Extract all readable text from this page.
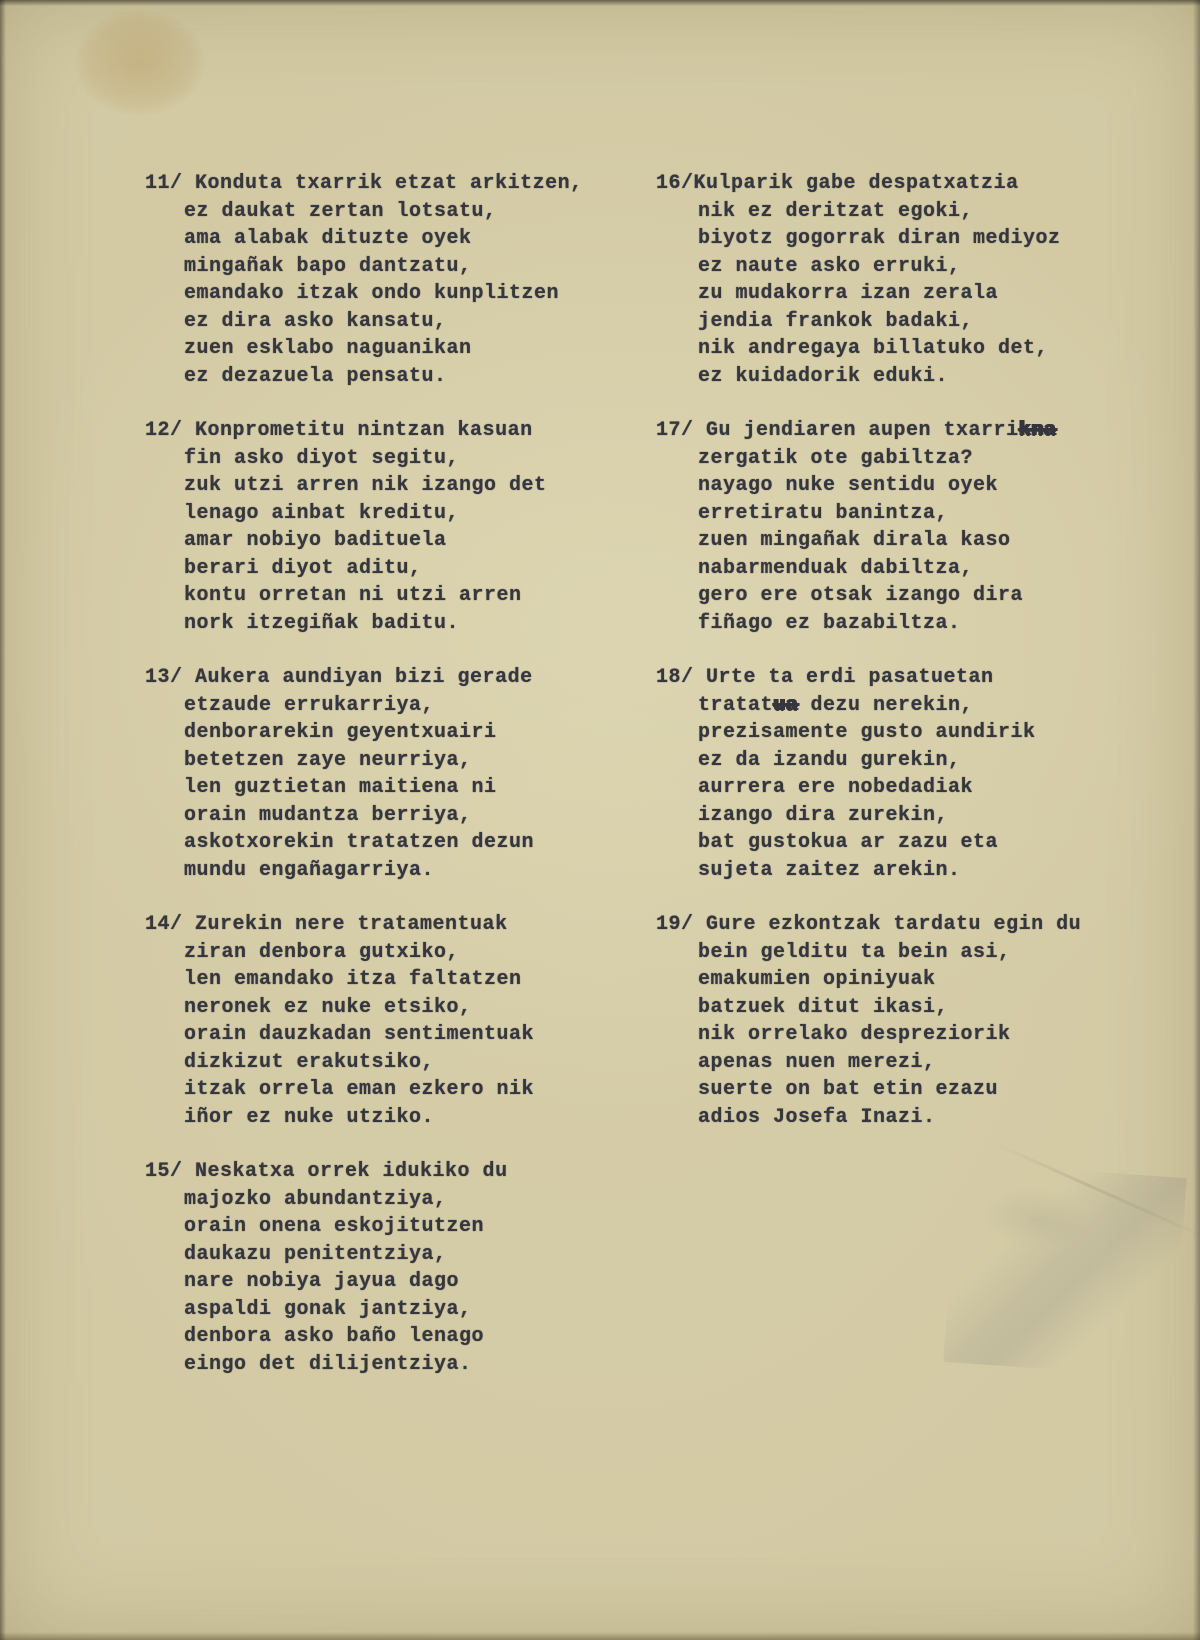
11/ Konduta txarrik etzat arkitzen,
ez daukat zertan lotsatu,
ama alabak dituzte oyek
mingañak bapo dantzatu,
emandako itzak ondo kunplitzen
ez dira asko kansatu,
zuen esklabo naguanikan
ez dezazuela pensatu.
12/ Konprometitu nintzan kasuan
fin asko diyot segitu,
zuk utzi arren nik izango det
lenago ainbat kreditu,
amar nobiyo badituela
berari diyot aditu,
kontu orretan ni utzi arren
nork itzegiñak baditu.
13/ Aukera aundiyan bizi gerade
etzaude errukarriya,
denborarekin geyentxuairi
betetzen zaye neurriya,
len guztietan maitiena ni
orain mudantza berriya,
askotxorekin tratatzen dezun
mundu engañagarriya.
14/ Zurekin nere tratamentuak
ziran denbora gutxiko,
len emandako itza faltatzen
neronek ez nuke etsiko,
orain dauzkadan sentimentuak
dizkizut erakutsiko,
itzak orrela eman ezkero nik
iñor ez nuke utziko.
15/ Neskatxa orrek idukiko du
majozko abundantziya,
orain onena eskojitutzen
daukazu penitentziya,
nare nobiya jayua dago
aspaldi gonak jantziya,
denbora asko baño lenago
eingo det dilijentziya.

16/Kulparik gabe despatxatzia
nik ez deritzat egoki,
biyotz gogorrak diran mediyoz
ez naute asko erruki,
zu mudakorra izan zerala
jendia frankok badaki,
nik andregaya billatuko det,
ez kuidadorik eduki.
17/ Gu jendiaren aupen txarrikna
zergatik ote gabiltza?
nayago nuke sentidu oyek
erretiratu banintza,
zuen mingañak dirala kaso
nabarmenduak dabiltza,
gero ere otsak izango dira
fiñago ez bazabiltza.
18/ Urte ta erdi pasatuetan
tratatua dezu nerekin,
prezisamente gusto aundirik
ez da izandu gurekin,
aurrera ere nobedadiak
izango dira zurekin,
bat gustokua ar zazu eta
sujeta zaitez arekin.
19/ Gure ezkontzak tardatu egin du
bein gelditu ta bein asi,
emakumien opiniyuak
batzuek ditut ikasi,
nik orrelako despreziorik
apenas nuen merezi,
suerte on bat etin ezazu
adios Josefa Inazi.
